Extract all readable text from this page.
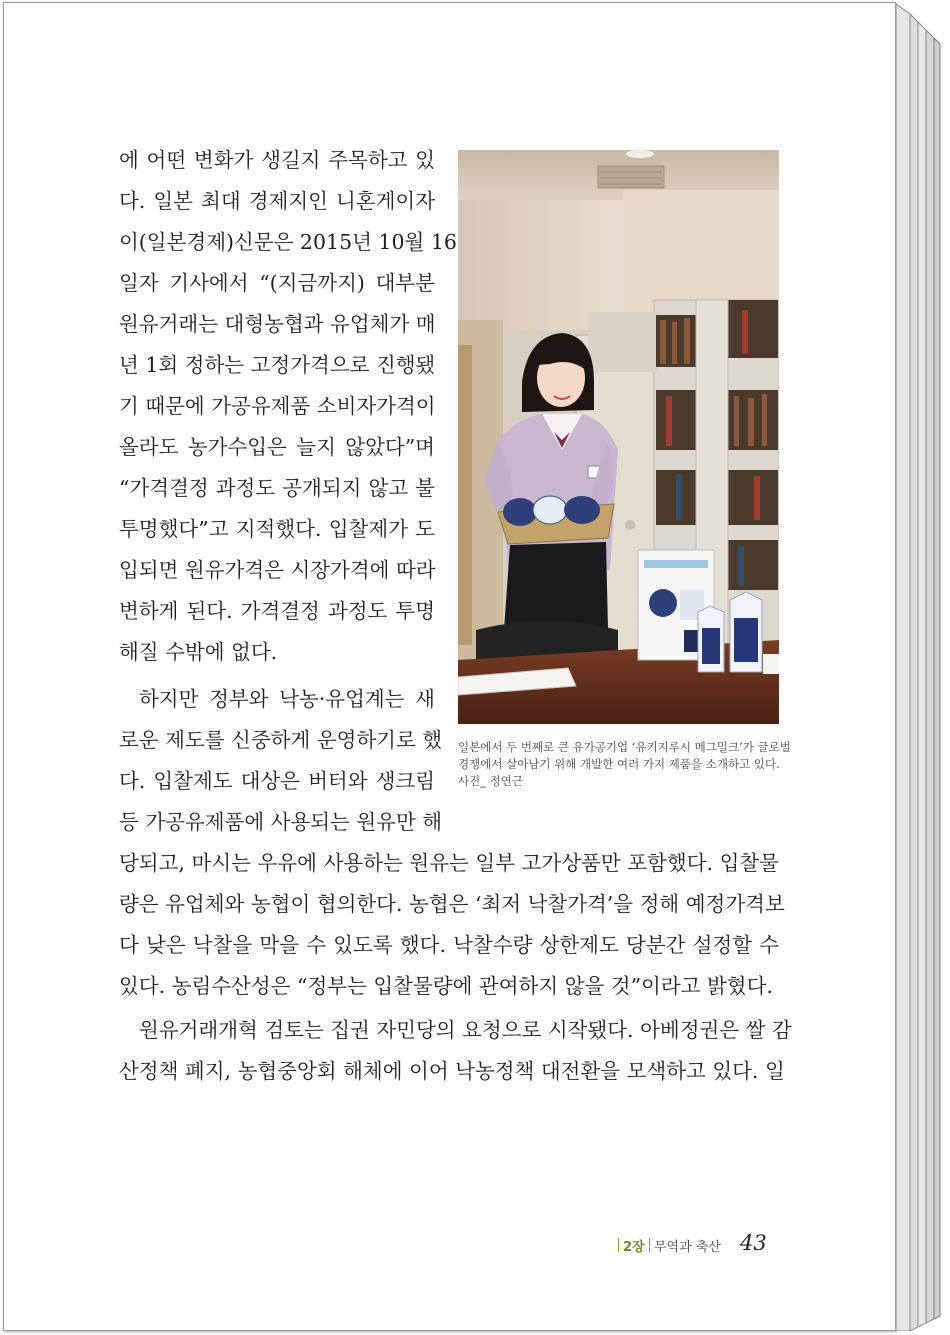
에 어떤 변화가 생길지 주목하고 있
다. 일본 최대 경제지인 니혼게이자
이(일본경제)신문은 2015년 10월 16
일자 기사에서 “(지금까지) 대부분
원유거래는 대형농협과 유업체가 매
년 1회 정하는 고정가격으로 진행됐
기 때문에 가공유제품 소비자가격이
올라도 농가수입은 늘지 않았다”며
“가격결정 과정도 공개되지 않고 불
투명했다”고 지적했다. 입찰제가 도
입되면 원유가격은 시장가격에 따라
변하게 된다. 가격결정 과정도 투명
해질 수밖에 없다.
하지만 정부와 낙농·유업계는 새
로운 제도를 신중하게 운영하기로 했
다. 입찰제도 대상은 버터와 생크림
등 가공유제품에 사용되는 원유만 해
당되고, 마시는 우유에 사용하는 원유는 일부 고가상품만 포함했다. 입찰물
량은 유업체와 농협이 협의한다. 농협은 ‘최저 낙찰가격’을 정해 예정가격보
다 낮은 낙찰을 막을 수 있도록 했다. 낙찰수량 상한제도 당분간 설정할 수
있다. 농림수산성은 “정부는 입찰물량에 관여하지 않을 것”이라고 밝혔다.
원유거래개혁 검토는 집권 자민당의 요청으로 시작됐다. 아베정권은 쌀 감
산정책 폐지, 농협중앙회 해체에 이어 낙농정책 대전환을 모색하고 있다. 일
일본에서 두 번째로 큰 유가공기업 ‘유키지루시 메그밀크’가 글로벌
경쟁에서 살아남기 위해 개발한 여러 가지 제품을 소개하고 있다.
사진_ 정연근
2장 무역과 축산 43
